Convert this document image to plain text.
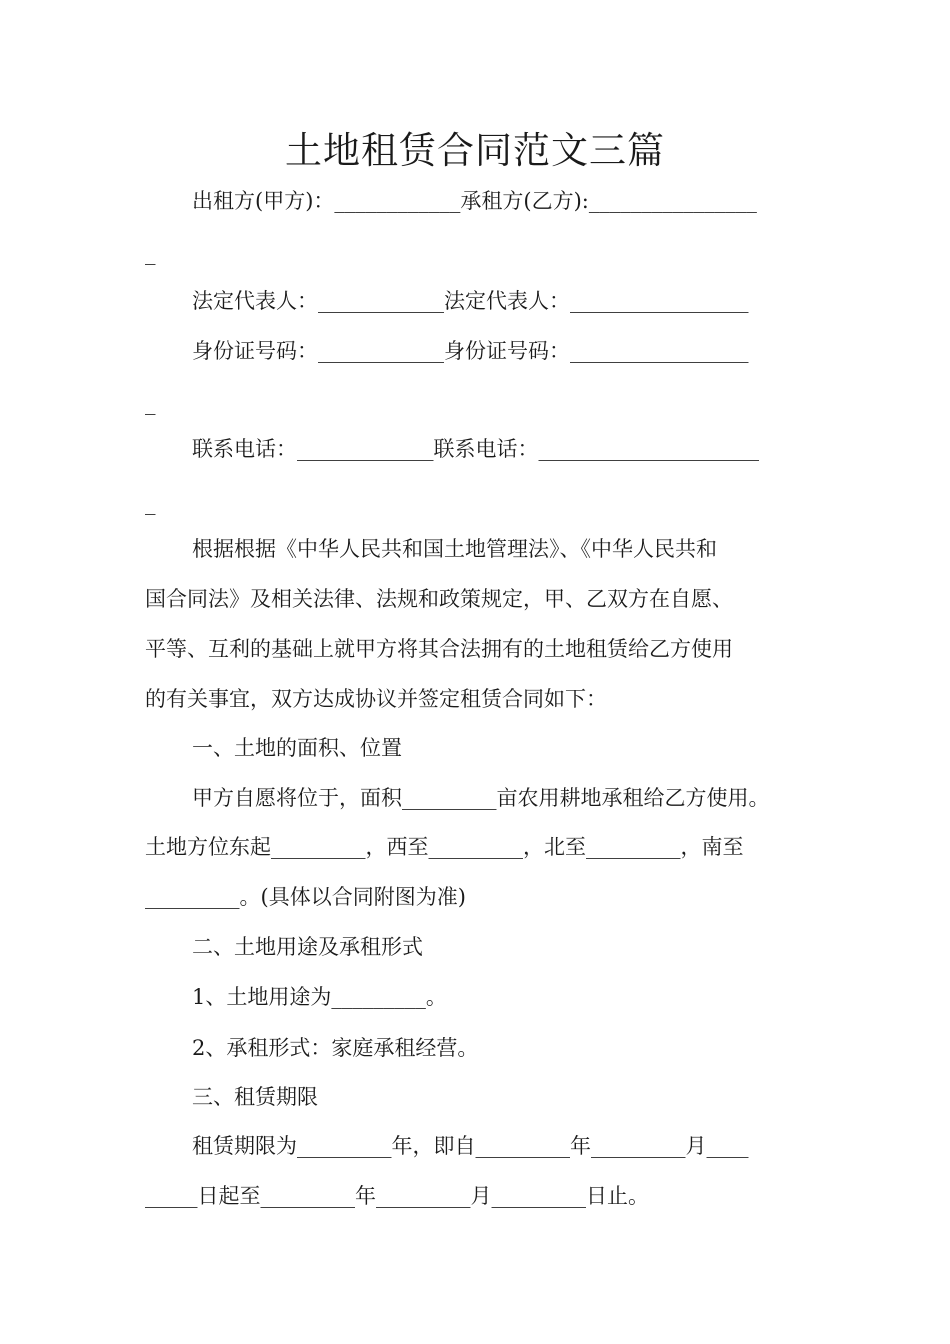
土地租赁合同范文三篇
出租方(甲方)：____________承租方(乙方):________________
_
法定代表人：____________法定代表人：_________________
身份证号码：____________身份证号码：_________________
_
联系电话：_____________联系电话：_____________________
_
根据根据《中华人民共和国土地管理法》、《中华人民共和
国合同法》及相关法律、法规和政策规定，甲、乙双方在自愿、
平等、互利的基础上就甲方将其合法拥有的土地租赁给乙方使用
的有关事宜，双方达成协议并签定租赁合同如下：
一、土地的面积、位置
甲方自愿将位于，面积_________亩农用耕地承租给乙方使用。
土地方位东起_________，西至_________，北至_________，南至
_________。(具体以合同附图为准)
二、土地用途及承租形式
1、土地用途为_________。
2、承租形式：家庭承租经营。
三、租赁期限
租赁期限为_________年，即自_________年_________月____
_____日起至_________年_________月_________日止。
